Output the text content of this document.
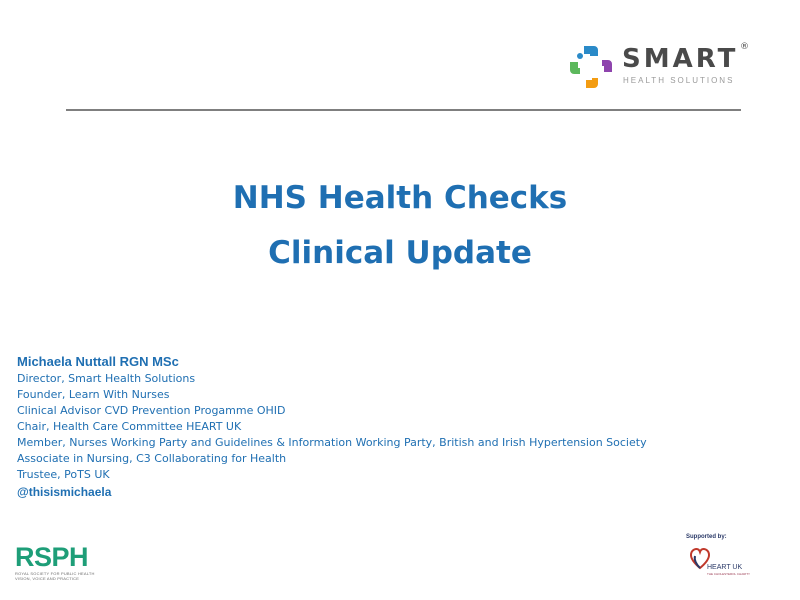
SMART ®
HEALTH SOLUTIONS
NHS Health Checks
Clinical Update

Michaela Nuttall RGN MSc

Director, Smart Health Solutions

Founder, Learn With Nurses

Clinical Advisor CVD Prevention Progamme OHID

Chair, Health Care Committee HEART UK

Member, Nurses Working Party and Guidelines & Information Working Party, British and Irish Hypertension Society

Associate in Nursing, C3 Collaborating for Health

Trustee, PoTS UK

@thisismichaela
RSPH
ROYAL SOCIETY FOR PUBLIC HEALTH
VISION, VOICE AND PRACTICE
Supported by:
HEART UK
THE CHOLESTEROL CHARITY
